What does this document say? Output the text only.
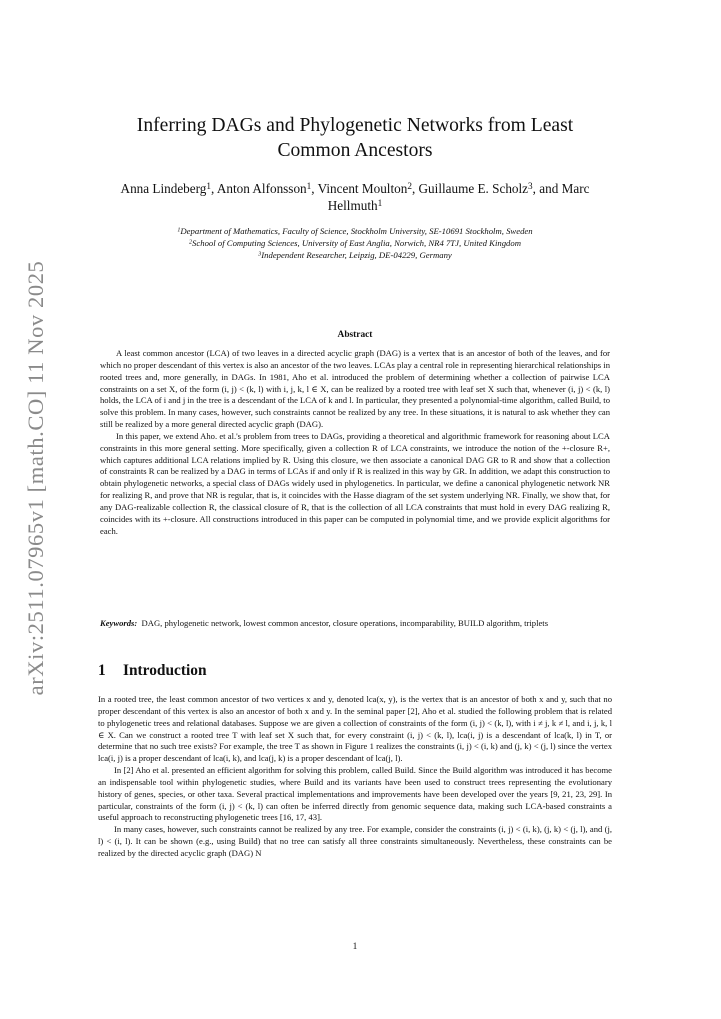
arXiv:2511.07965v1 [math.CO] 11 Nov 2025
Inferring DAGs and Phylogenetic Networks from Least Common Ancestors
Anna Lindeberg$^1$, Anton Alfonsson$^1$, Vincent Moulton$^2$, Guillaume E. Scholz$^3$, and Marc Hellmuth$^1$
$^1$Department of Mathematics, Faculty of Science, Stockholm University, SE-10691 Stockholm, Sweden
$^2$School of Computing Sciences, University of East Anglia, Norwich, NR4 7TJ, United Kingdom
$^3$Independent Researcher, Leipzig, DE-04229, Germany
Abstract

A least common ancestor (LCA) of two leaves in a directed acyclic graph (DAG) is a vertex that is an ancestor of both of the leaves, and for which no proper descendant of this vertex is also an ancestor of the two leaves. LCAs play a central role in representing hierarchical relationships in rooted trees and, more generally, in DAGs. In 1981, Aho et al. introduced the problem of determining whether a collection of pairwise LCA constraints on a set X, of the form (i, j) < (k, l) with i, j, k, l ∈ X, can be realized by a rooted tree with leaf set X such that, whenever (i, j) < (k, l) holds, the LCA of i and j in the tree is a descendant of the LCA of k and l. In particular, they presented a polynomial-time algorithm, called Build, to solve this problem. In many cases, however, such constraints cannot be realized by any tree. In these situations, it is natural to ask whether they can still be realized by a more general directed acyclic graph (DAG).

In this paper, we extend Aho. et al.'s problem from trees to DAGs, providing a theoretical and algorithmic framework for reasoning about LCA constraints in this more general setting. More specifically, given a collection R of LCA constraints, we introduce the notion of the +-closure R+, which captures additional LCA relations implied by R. Using this closure, we then associate a canonical DAG GR to R and show that a collection of constraints R can be realized by a DAG in terms of LCAs if and only if R is realized in this way by GR. In addition, we adapt this construction to obtain phylogenetic networks, a special class of DAGs widely used in phylogenetics. In particular, we define a canonical phylogenetic network NR for realizing R, and prove that NR is regular, that is, it coincides with the Hasse diagram of the set system underlying NR. Finally, we show that, for any DAG-realizable collection R, the classical closure of R, that is the collection of all LCA constraints that must hold in every DAG realizing R, coincides with its +-closure. All constructions introduced in this paper can be computed in polynomial time, and we provide explicit algorithms for each.

Keywords: DAG, phylogenetic network, lowest common ancestor, closure operations, incomparability, BUILD algorithm, triplets
1 Introduction

In a rooted tree, the least common ancestor of two vertices x and y, denoted lca(x, y), is the vertex that is an ancestor of both x and y, such that no proper descendant of this vertex is also an ancestor of both x and y. In the seminal paper [2], Aho et al. studied the following problem that is related to phylogenetic trees and relational databases. Suppose we are given a collection of constraints of the form (i, j) < (k, l), with i ≠ j, k ≠ l, and i, j, k, l ∈ X. Can we construct a rooted tree T with leaf set X such that, for every constraint (i, j) < (k, l), lca(i, j) is a descendant of lca(k, l) in T, or determine that no such tree exists? For example, the tree T as shown in Figure 1 realizes the constraints (i, j) < (i, k) and (j, k) < (j, l) since the vertex lca(i, j) is a proper descendant of lca(i, k), and lca(j, k) is a proper descendant of lca(j, l).

In [2] Aho et al. presented an efficient algorithm for solving this problem, called Build. Since the Build algorithm was introduced it has become an indispensable tool within phylogenetic studies, where Build and its variants have been used to construct trees representing the evolutionary history of genes, species, or other taxa. Several practical implementations and improvements have been developed over the years [9, 21, 23, 29]. In particular, constraints of the form (i, j) < (k, l) can often be inferred directly from genomic sequence data, making such LCA-based constraints a useful approach to reconstructing phylogenetic trees [16, 17, 43].

In many cases, however, such constraints cannot be realized by any tree. For example, consider the constraints (i, j) < (i, k), (j, k) < (j, l), and (j, l) < (i, l). It can be shown (e.g., using Build) that no tree can satisfy all three constraints simultaneously. Nevertheless, these constraints can be realized by the directed acyclic graph (DAG) N

1
